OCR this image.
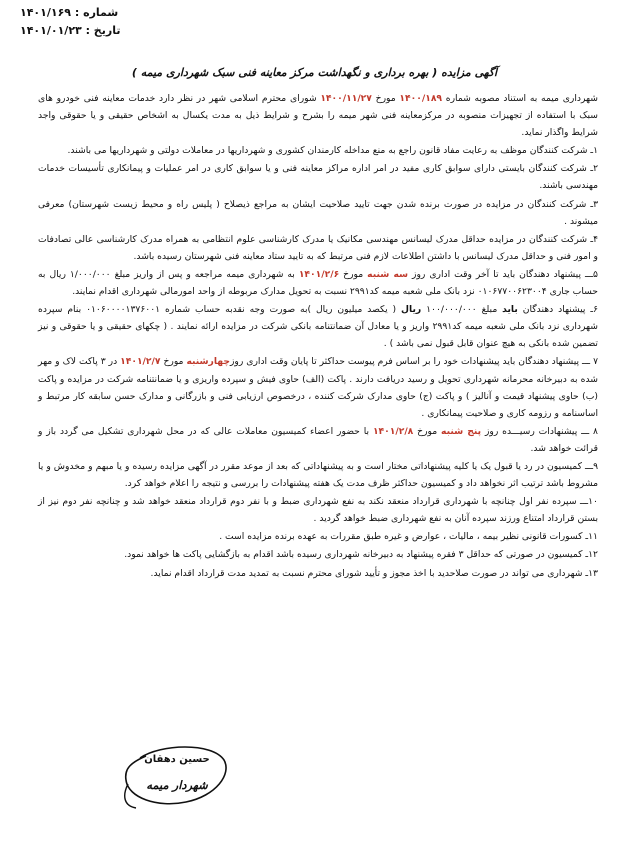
شماره : ۱۴۰۱/۱۶۹
تاریخ : ۱۴۰۱/۰۱/۲۳
آگهی مزایده ( بهره برداری و نگهداشت مرکز معاینه فنی سبک شهرداری میمه )

شهرداری میمه به استناد مصوبه شماره ۱۴۰۰/۱۸۹ مورخ ۱۴۰۰/۱۱/۲۷ شورای محترم اسلامی شهر در نظر دارد خدمات معاینه فنی خودرو های سبک با استفاده از تجهیزات منصوبه در مرکزمعاینه فنی شهر میمه را بشرح و شرایط ذیل به مدت یکسال به اشخاص حقیقی و یا حقوقی واجد شرایط واگذار نماید.

۱ـ شرکت کنندگان موظف به رعایت مفاد قانون راجع به منع مداخله کارمندان کشوری و شهرداریها در معاملات دولتی و شهرداریها می باشند.

۲ـ شرکت کنندگان بایستی دارای سوابق کاری مفید در امر اداره مراکز معاینه فنی و یا سوابق کاری در امر عملیات و پیمانکاری تأسیسات خدمات مهندسی باشند.

۳ـ شرکت کنندگان در مزایده در صورت برنده شدن جهت تایید صلاحیت ایشان به مراجع ذیصلاح ( پلیس راه و محیط زیست شهرستان) معرفی میشوند .

۴ـ شرکت کنندگان در مزایده حداقل مدرک لیسانس مهندسی مکانیک یا مدرک کارشناسی علوم انتظامی به همراه مدرک کارشناسی عالی تصادفات و امور فنی و حداقل مدرک لیسانس با داشتن اطلاعات لازم فنی مرتبط که به تایید ستاد معاینه فنی شهرستان رسیده باشد.

۵ـــ پیشنهاد دهندگان باید تا آخر وقت اداری روز سه شنبه مورخ ۱۴۰۱/۲/۶ به شهرداری میمه مراجعه و پس از واریز مبلغ ۱/۰۰۰/۰۰۰ ریال به حساب جاری ۰۱۰۶۷۷۰۰۶۲۳۰۰۴ نزد بانک ملی شعبه میمه کد۲۹۹۱ نسبت به تحویل مدارک مربوطه از واحد امورمالی شهرداری اقدام نمایند.

۶ـ پیشنهاد دهندگان باید مبلغ ۱۰۰/۰۰۰/۰۰۰ ریال ( یکصد میلیون ریال )به صورت وجه نقدبه حساب شماره ۰۱۰۶۰۰۰۰۱۳۷۶۰۰۱ بنام سپرده شهرداری نزد بانک ملی شعبه میمه کد۲۹۹۱ واریز و یا معادل آن ضمانتنامه بانکی شرکت در مزایده ارائه نمایند . ( چکهای حقیقی و یا حقوقی و نیز تضمین شده بانکی به هیچ عنوان قابل قبول نمی باشد ) .

۷ ـــ پیشنهاد دهندگان باید پیشنهادات خود را بر اساس فرم پیوست حداکثر تا پایان وقت اداری روزچهارشنبه مورخ ۱۴۰۱/۲/۷ در ۳ پاکت لاک و مهر شده به دبیرخانه محرمانه شهرداری تحویل و رسید دریافت دارند . پاکت (الف) حاوی فیش و سپرده واریزی و یا ضمانتنامه شرکت در مزایده و پاکت (ب) حاوی پیشنهاد قیمت و آنالیز ) و پاکت (ج) حاوی مدارک شرکت کننده ، درخصوص ارزیابی فنی و بازرگانی و مدارک حسن سابقه کار مرتبط و اساسنامه و رزومه کاری و صلاحیت پیمانکاری .

۸ ـــ پیشنهادات رسیـــده روز پنج شنبه مورخ ۱۴۰۱/۲/۸ با حضور اعضاء کمیسیون معاملات عالی که در محل شهرداری تشکیل می گردد باز و قرائت خواهد شد.

۹ـــ کمیسیون در رد یا قبول یک یا کلیه پیشنهاداتی مختار است و به پیشنهاداتی که بعد از موعد مقرر در آگهی مزایده رسیده و یا مبهم و مخدوش و یا مشروط باشد ترتیب اثر نخواهد داد و کمیسیون حداکثر ظرف مدت یک هفته پیشنهادات را بررسی و نتیجه را اعلام خواهد کرد.

۱۰ـــ سپرده نفر اول چنانچه با شهرداری قرارداد منعقد نکند به نفع شهرداری ضبط و با نفر دوم قرارداد منعقد خواهد شد و چنانچه نفر دوم نیز از بستن قرارداد امتناع ورزند سپرده آنان به نفع شهرداری ضبط خواهد گردید .

۱۱ـ کسورات قانونی نظیر بیمه ، مالیات ، عوارض و غیره طبق مقررات به عهده برنده مزایده است .

۱۲ـ کمیسیون در صورتی که حداقل ۳ فقره پیشنهاد به دبیرخانه شهرداری رسیده باشد اقدام به بازگشایی پاکت ها خواهد نمود.

۱۳ـ شهرداری می تواند در صورت صلاحدید با اخذ مجوز و تأیید شورای محترم نسبت به تمدید مدت قرارداد اقدام نماید.

حسین دهقان
شهردار میمه
